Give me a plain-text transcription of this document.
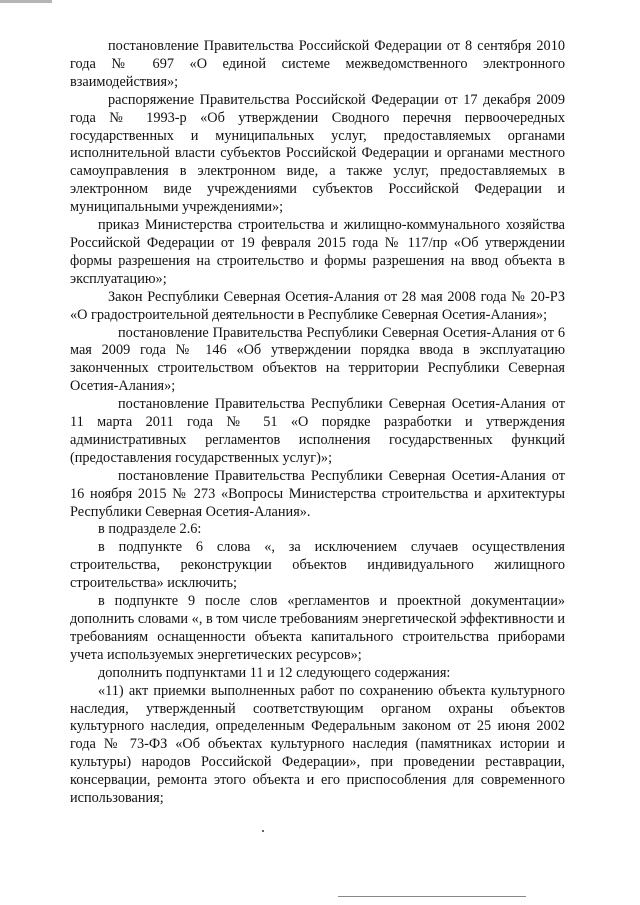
постановление Правительства Российской Федерации от 8 сентября 2010 года № 697 «О единой системе межведомственного электронного взаимодействия»;

распоряжение Правительства Российской Федерации от 17 декабря 2009 года № 1993-р «Об утверждении Сводного перечня первоочередных государственных и муниципальных услуг, предоставляемых органами исполнительной власти субъектов Российской Федерации и органами местного самоуправления в электронном виде, а также услуг, предоставляемых в электронном виде учреждениями субъектов Российской Федерации и муниципальными учреждениями»;

приказ Министерства строительства и жилищно-коммунального хозяйства Российской Федерации от 19 февраля 2015 года № 117/пр «Об утверждении формы разрешения на строительство и формы разрешения на ввод объекта в эксплуатацию»;

Закон Республики Северная Осетия-Алания от 28 мая 2008 года № 20-РЗ «О градостроительной деятельности в Республике Северная Осетия-Алания»;

постановление Правительства Республики Северная Осетия-Алания от 6 мая 2009 года № 146 «Об утверждении порядка ввода в эксплуатацию законченных строительством объектов на территории Республики Северная Осетия-Алания»;

постановление Правительства Республики Северная Осетия-Алания от 11 марта 2011 года № 51 «О порядке разработки и утверждения административных регламентов исполнения государственных функций (предоставления государственных услуг)»;

постановление Правительства Республики Северная Осетия-Алания от 16 ноября 2015 № 273 «Вопросы Министерства строительства и архитектуры Республики Северная Осетия-Алания».

в подразделе 2.6:

в подпункте 6 слова «, за исключением случаев осуществления строительства, реконструкции объектов индивидуального жилищного строительства» исключить;

в подпункте 9 после слов «регламентов и проектной документации» дополнить словами «, в том числе требованиям энергетической эффективности и требованиям оснащенности объекта капитального строительства приборами учета используемых энергетических ресурсов»;

дополнить подпунктами 11 и 12 следующего содержания:

«11) акт приемки выполненных работ по сохранению объекта культурного наследия, утвержденный соответствующим органом охраны объектов культурного наследия, определенным Федеральным законом от 25 июня 2002 года № 73-ФЗ «Об объектах культурного наследия (памятниках истории и культуры) народов Российской Федерации», при проведении реставрации, консервации, ремонта этого объекта и его приспособления для современного использования;
